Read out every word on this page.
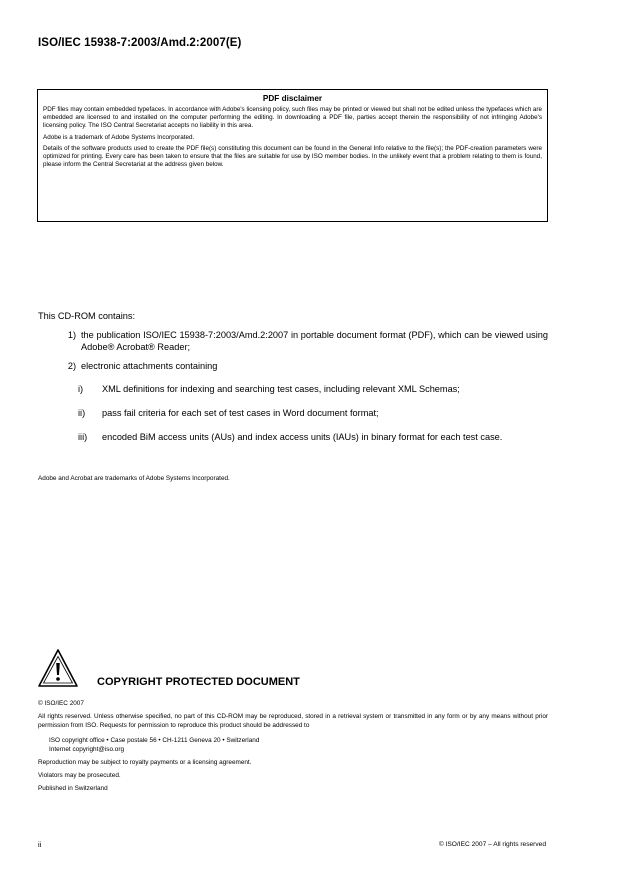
ISO/IEC 15938-7:2003/Amd.2:2007(E)
PDF disclaimer

PDF files may contain embedded typefaces. In accordance with Adobe's licensing policy, such files may be printed or viewed but shall not be edited unless the typefaces which are embedded are licensed to and installed on the computer performing the editing. In downloading a PDF file, parties accept therein the responsibility of not infringing Adobe's licensing policy. The ISO Central Secretariat accepts no liability in this area.

Adobe is a trademark of Adobe Systems Incorporated.

Details of the software products used to create the PDF file(s) constituting this document can be found in the General Info relative to the file(s); the PDF-creation parameters were optimized for printing. Every care has been taken to ensure that the files are suitable for use by ISO member bodies. In the unlikely event that a problem relating to them is found, please inform the Central Secretariat at the address given below.

This CD-ROM contains:
1) the publication ISO/IEC 15938-7:2003/Amd.2:2007 in portable document format (PDF), which can be viewed using Adobe® Acrobat® Reader;
2) electronic attachments containing
i)	XML definitions for indexing and searching test cases, including relevant XML Schemas;
ii)	pass fail criteria for each set of test cases in Word document format;
iii)	encoded BiM access units (AUs) and index access units (IAUs) in binary format for each test case.
Adobe and Acrobat are trademarks of Adobe Systems Incorporated.
COPYRIGHT PROTECTED DOCUMENT
© ISO/IEC 2007
All rights reserved. Unless otherwise specified, no part of this CD-ROM may be reproduced, stored in a retrieval system or transmitted in any form or by any means without prior permission from ISO. Requests for permission to reproduce this product should be addressed to
ISO copyright office • Case postale 56 • CH-1211 Geneva 20 • Switzerland
Internet copyright@iso.org
Reproduction may be subject to royalty payments or a licensing agreement.
Violators may be prosecuted.
Published in Switzerland
ii	© ISO/IEC 2007 – All rights reserved
